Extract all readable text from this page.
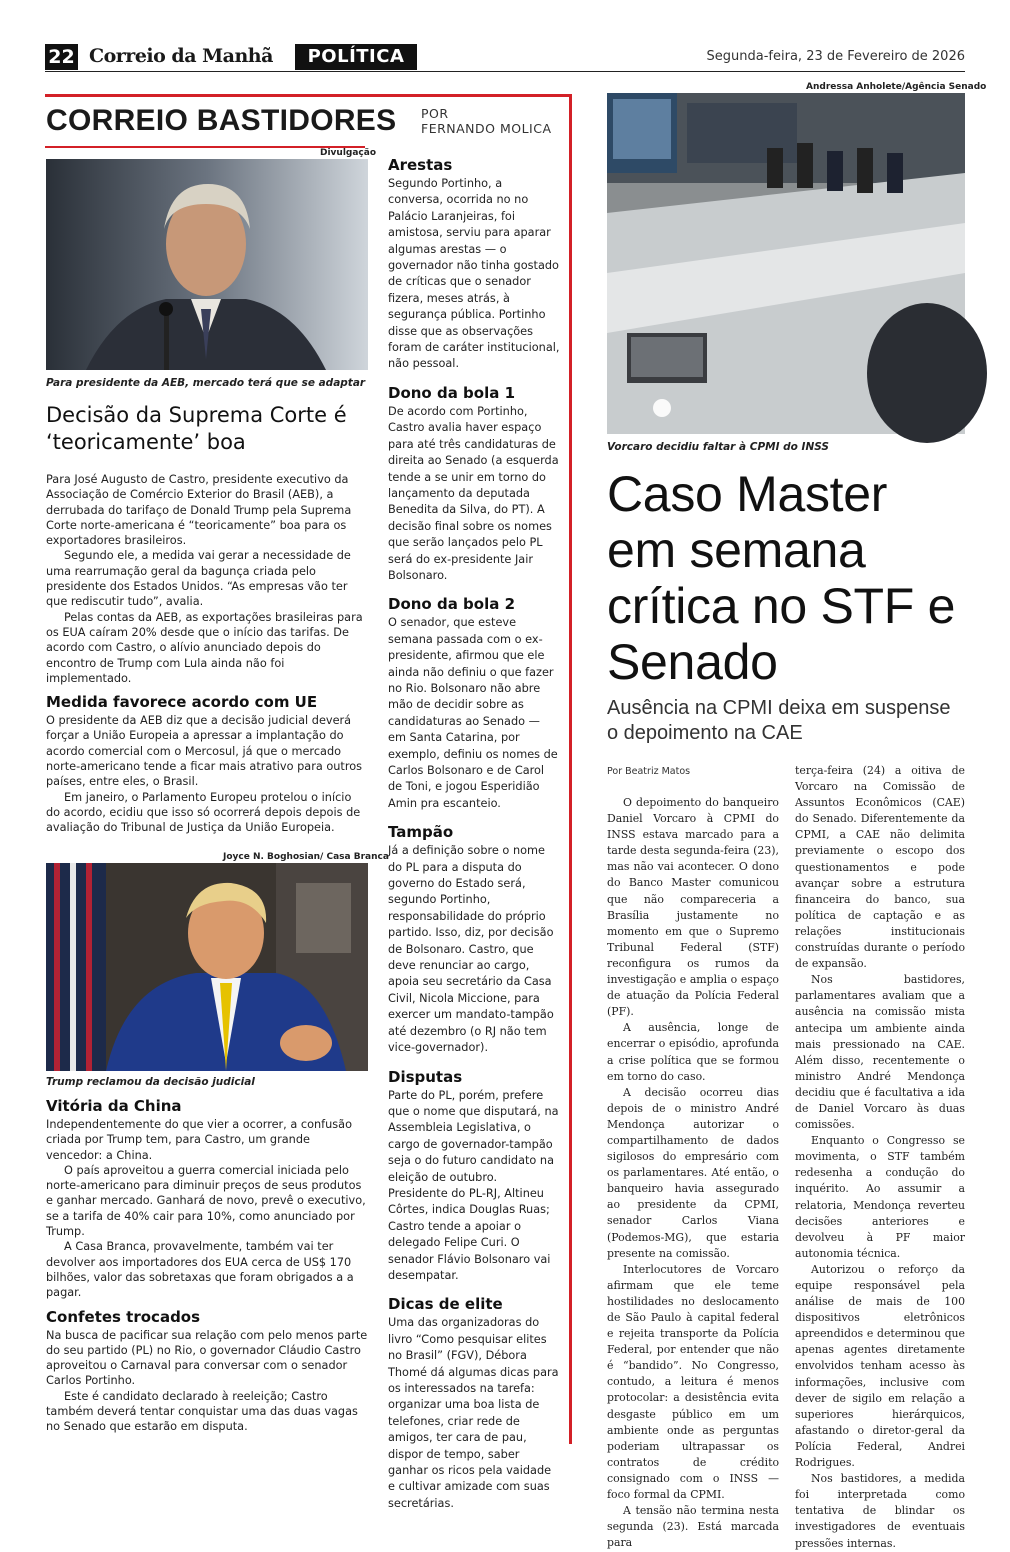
22 Correio da Manhã	POLÍTICA	Segunda-feira, 23 de Fevereiro de 2026
CORREIO BASTIDORES POR
FERNANDO MOLICA
Divulgação
Para presidente da AEB, mercado terá que se adaptar
Decisão da Suprema Corte é ‘teoricamente’ boa

Para José Augusto de Castro, presidente executivo da Associação de Comércio Exterior do Brasil (AEB), a derrubada do tarifaço de Donald Trump pela Suprema Corte norte-americana é “teoricamente” boa para os exportadores brasileiros.

Segundo ele, a medida vai gerar a necessidade de uma rearrumação geral da bagunça criada pelo presidente dos Estados Unidos. “As empresas vão ter que rediscutir tudo”, avalia.

Pelas contas da AEB, as exportações brasileiras para os EUA caíram 20% desde que o início das tarifas. De acordo com Castro, o alívio anunciado depois do encontro de Trump com Lula ainda não foi implementado.

Medida favorece acordo com UE

O presidente da AEB diz que a decisão judicial deverá forçar a União Europeia a apressar a implantação do acordo comercial com o Mercosul, já que o mercado norte-americano tende a ficar mais atrativo para outros países, entre eles, o Brasil.

Em janeiro, o Parlamento Europeu protelou o início do acordo, ecidiu que isso só ocorrerá depois depois de avaliação do Tribunal de Justiça da União Europeia.

Joyce N. Boghosian/ Casa Branca
Trump reclamou da decisão judicial
Vitória da China

Independentemente do que vier a ocorrer, a confusão criada por Trump tem, para Castro, um grande vencedor: a China.

O país aproveitou a guerra comercial iniciada pelo norte-americano para diminuir preços de seus produtos e ganhar mercado. Ganhará de novo, prevê o executivo, se a tarifa de 40% cair para 10%, como anunciado por Trump.

A Casa Branca, provavelmente, também vai ter devolver aos importadores dos EUA cerca de US$ 170 bilhões, valor das sobretaxas que foram obrigados a a pagar.

Confetes trocados

Na busca de pacificar sua relação com pelo menos parte do seu partido (PL) no Rio, o governador Cláudio Castro aproveitou o Carnaval para conversar com o senador Carlos Portinho.

Este é candidato declarado à reeleição; Castro também deverá tentar conquistar uma das duas vagas no Senado que estarão em disputa.

Arestas

Segundo Portinho, a conversa, ocorrida no no Palácio Laranjeiras, foi amistosa, serviu para aparar algumas arestas — o governador não tinha gostado de críticas que o senador fizera, meses atrás, à segurança pública. Portinho disse que as observações foram de caráter institucional, não pessoal.

Dono da bola 1

De acordo com Portinho, Castro avalia haver espaço para até três candidaturas de direita ao Senado (a esquerda tende a se unir em torno do lançamento da deputada Benedita da Silva, do PT). A decisão final sobre os nomes que serão lançados pelo PL será do ex-presidente Jair Bolsonaro.

Dono da bola 2

O senador, que esteve semana passada com o ex-presidente, afirmou que ele ainda não definiu o que fazer no Rio. Bolsonaro não abre mão de decidir sobre as candidaturas ao Senado — em Santa Catarina, por exemplo, definiu os nomes de Carlos Bolsonaro e de Carol de Toni, e jogou Esperidião Amin pra escanteio.

Tampão

Já a definição sobre o nome do PL para a disputa do governo do Estado será, segundo Portinho, responsabilidade do próprio partido. Isso, diz, por decisão de Bolsonaro. Castro, que deve renunciar ao cargo, apoia seu secretário da Casa Civil, Nicola Miccione, para exercer um mandato-tampão até dezembro (o RJ não tem vice-governador).

Disputas

Parte do PL, porém, prefere que o nome que disputará, na Assembleia Legislativa, o cargo de governador-tampão seja o do futuro candidato na eleição de outubro. Presidente do PL-RJ, Altineu Côrtes, indica Douglas Ruas; Castro tende a apoiar o delegado Felipe Curi. O senador Flávio Bolsonaro vai desempatar.

Dicas de elite

Uma das organizadoras do livro “Como pesquisar elites no Brasil” (FGV), Débora Thomé dá algumas dicas para os interessados na tarefa: organizar uma boa lista de telefones, criar rede de amigos, ter cara de pau, dispor de tempo, saber ganhar os ricos pela vaidade e cultivar amizade com suas secretárias.

Andressa Anholete/Agência Senado
Vorcaro decidiu faltar à CPMI do INSS
Caso Master em semana crítica no STF e Senado
Ausência na CPMI deixa em suspense o depoimento na CAE
Por Beatriz Matos

O depoimento do banqueiro Daniel Vorcaro à CPMI do INSS estava marcado para a tarde desta segunda-feira (23), mas não vai acontecer. O dono do Banco Master comunicou que não compareceria a Brasília justamente no momento em que o Supremo Tribunal Federal (STF) reconfigura os rumos da investigação e amplia o espaço de atuação da Polícia Federal (PF).

A ausência, longe de encerrar o episódio, aprofunda a crise política que se formou em torno do caso.

A decisão ocorreu dias depois de o ministro André Mendonça autorizar o compartilhamento de dados sigilosos do empresário com os parlamentares. Até então, o banqueiro havia assegurado ao presidente da CPMI, senador Carlos Viana (Podemos-MG), que estaria presente na comissão.

Interlocutores de Vorcaro afirmam que ele teme hostilidades no deslocamento de São Paulo à capital federal e rejeita transporte da Polícia Federal, por entender que não é “bandido”. No Congresso, contudo, a leitura é menos protocolar: a desistência evita desgaste público em um ambiente onde as perguntas poderiam ultrapassar os contratos de crédito consignado com o INSS — foco formal da CPMI.

A tensão não termina nesta segunda (23). Está marcada para

terça-feira (24) a oitiva de Vorcaro na Comissão de Assuntos Econômicos (CAE) do Senado. Diferentemente da CPMI, a CAE não delimita previamente o escopo dos questionamentos e pode avançar sobre a estrutura financeira do banco, sua política de captação e as relações institucionais construídas durante o período de expansão.

Nos bastidores, parlamentares avaliam que a ausência na comissão mista antecipa um ambiente ainda mais pressionado na CAE. Além disso, recentemente o ministro André Mendonça decidiu que é facultativa a ida de Daniel Vorcaro às duas comissões.

Enquanto o Congresso se movimenta, o STF também redesenha a condução do inquérito. Ao assumir a relatoria, Mendonça reverteu decisões anteriores e devolveu à PF maior autonomia técnica.

Autorizou o reforço da equipe responsável pela análise de mais de 100 dispositivos eletrônicos apreendidos e determinou que apenas agentes diretamente envolvidos tenham acesso às informações, inclusive com dever de sigilo em relação a superiores hierárquicos, afastando o diretor-geral da Polícia Federal, Andrei Rodrigues.

Nos bastidores, a medida foi interpretada como tentativa de blindar os investigadores de eventuais pressões internas.
